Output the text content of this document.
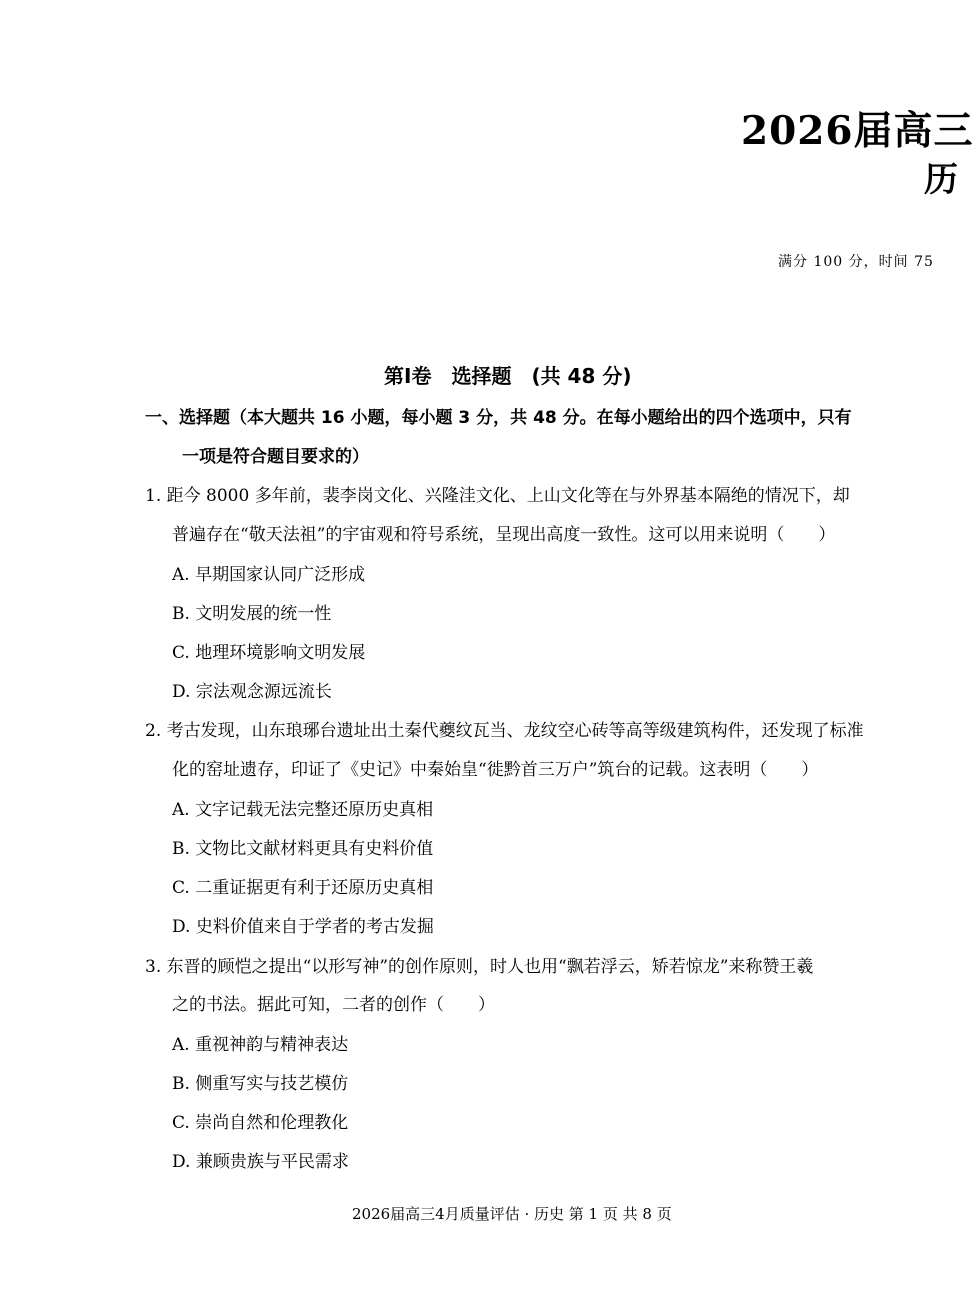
2026届高三
历
满分 100 分，时间 75
第Ⅰ卷　选择题　(共 48 分)
一、选择题（本大题共 16 小题，每小题 3 分，共 48 分。在每小题给出的四个选项中，只有
一项是符合题目要求的）
1. 距今 8000 多年前，裴李岗文化、兴隆洼文化、上山文化等在与外界基本隔绝的情况下，却
普遍存在“敬天法祖”的宇宙观和符号系统，呈现出高度一致性。这可以用来说明（　　）
A. 早期国家认同广泛形成
B. 文明发展的统一性
C. 地理环境影响文明发展
D. 宗法观念源远流长
2. 考古发现，山东琅琊台遗址出土秦代夔纹瓦当、龙纹空心砖等高等级建筑构件，还发现了标准
化的窑址遗存，印证了《史记》中秦始皇“徙黔首三万户”筑台的记载。这表明（　　）
A. 文字记载无法完整还原历史真相
B. 文物比文献材料更具有史料价值
C. 二重证据更有利于还原历史真相
D. 史料价值来自于学者的考古发掘
3. 东晋的顾恺之提出“以形写神”的创作原则，时人也用“飘若浮云，矫若惊龙”来称赞王羲
之的书法。据此可知，二者的创作（　　）
A. 重视神韵与精神表达
B. 侧重写实与技艺模仿
C. 崇尚自然和伦理教化
D. 兼顾贵族与平民需求
2026届高三4月质量评估 · 历史 第 1 页 共 8 页
